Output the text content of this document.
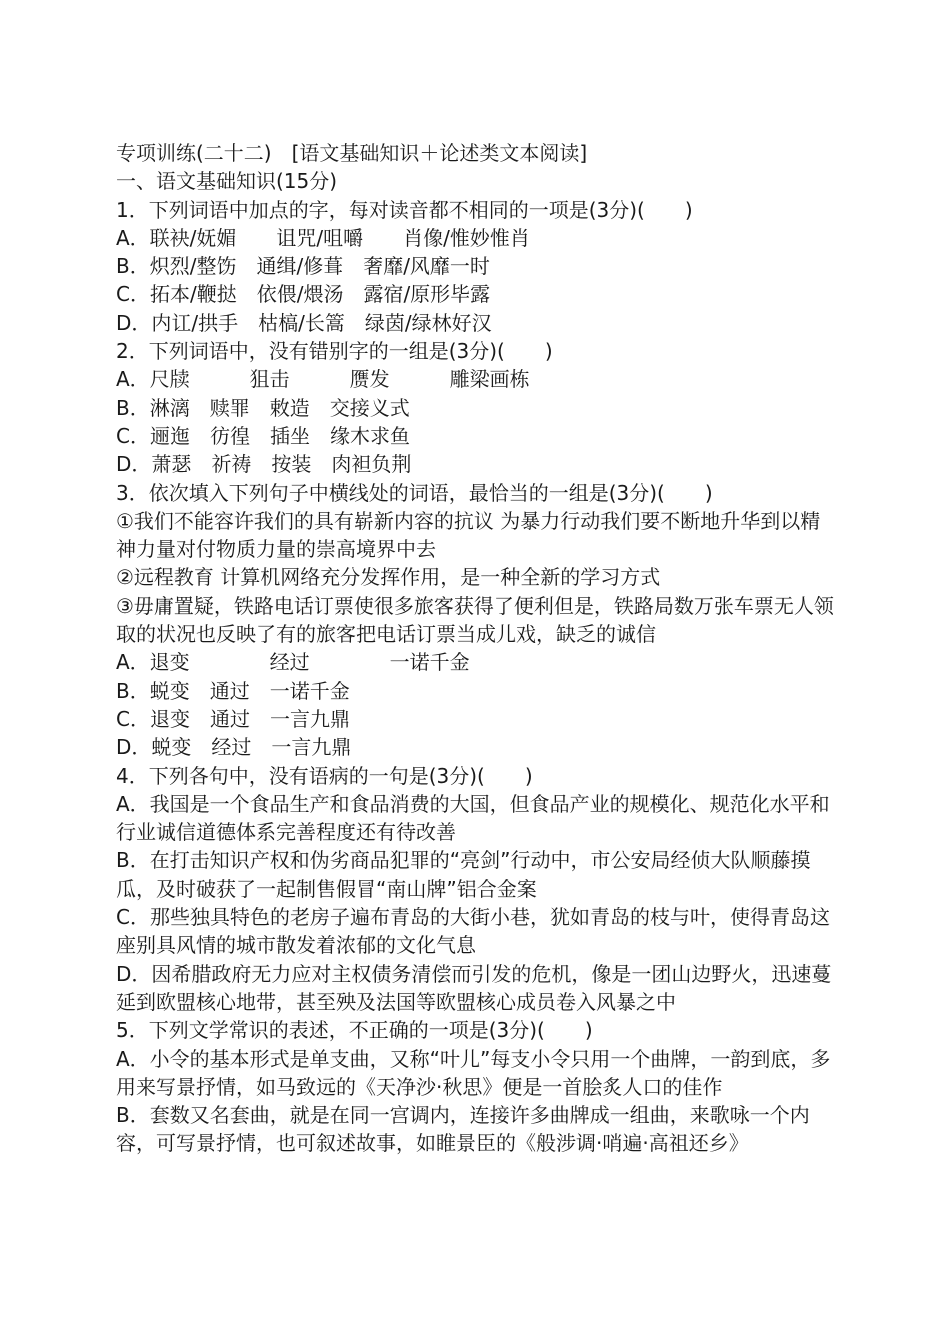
专项训练(二十二)　[语文基础知识＋论述类文本阅读]

一、语文基础知识(15分)

1．下列词语中加点的字，每对读音都不相同的一项是(3分)(　　)

A．联袂/妩媚　　诅咒/咀嚼　　肖像/惟妙惟肖

B．炽烈/整饬　通缉/修葺　奢靡/风靡一时

C．拓本/鞭挞　依偎/煨汤　露宿/原形毕露

D．内讧/拱手　枯槁/长篙　绿茵/绿林好汉

2．下列词语中，没有错别字的一组是(3分)(　　)

A．尺牍　　　狙击　　　赝发　　　雕梁画栋

B．淋漓　赎罪　敕造　交接义式

C．逦迤　彷徨　插坐　缘木求鱼

D．萧瑟　祈祷　按装　肉袒负荆

3．依次填入下列句子中横线处的词语，最恰当的一组是(3分)(　　)

①我们不能容许我们的具有崭新内容的抗议 为暴力行动我们要不断地升华到以精神力量对付物质力量的崇高境界中去

②远程教育 计算机网络充分发挥作用，是一种全新的学习方式

③毋庸置疑，铁路电话订票使很多旅客获得了便利但是，铁路局数万张车票无人领取的状况也反映了有的旅客把电话订票当成儿戏，缺乏的诚信

A．退变　　　　经过　　　　一诺千金

B．蜕变　通过　一诺千金

C．退变　通过　一言九鼎

D．蜕变　经过　一言九鼎

4．下列各句中，没有语病的一句是(3分)(　　)

A．我国是一个食品生产和食品消费的大国，但食品产业的规模化、规范化水平和行业诚信道德体系完善程度还有待改善

B．在打击知识产权和伪劣商品犯罪的“亮剑”行动中，市公安局经侦大队顺藤摸瓜，及时破获了一起制售假冒“南山牌”铝合金案

C．那些独具特色的老房子遍布青岛的大街小巷，犹如青岛的枝与叶，使得青岛这座别具风情的城市散发着浓郁的文化气息

D．因希腊政府无力应对主权债务清偿而引发的危机，像是一团山边野火，迅速蔓延到欧盟核心地带，甚至殃及法国等欧盟核心成员卷入风暴之中

5．下列文学常识的表述，不正确的一项是(3分)(　　)

A．小令的基本形式是单支曲，又称“叶儿”每支小令只用一个曲牌，一韵到底，多用来写景抒情，如马致远的《天净沙·秋思》便是一首脍炙人口的佳作

B．套数又名套曲，就是在同一宫调内，连接许多曲牌成一组曲，来歌咏一个内容，可写景抒情，也可叙述故事，如睢景臣的《般涉调·哨遍·高祖还乡》
